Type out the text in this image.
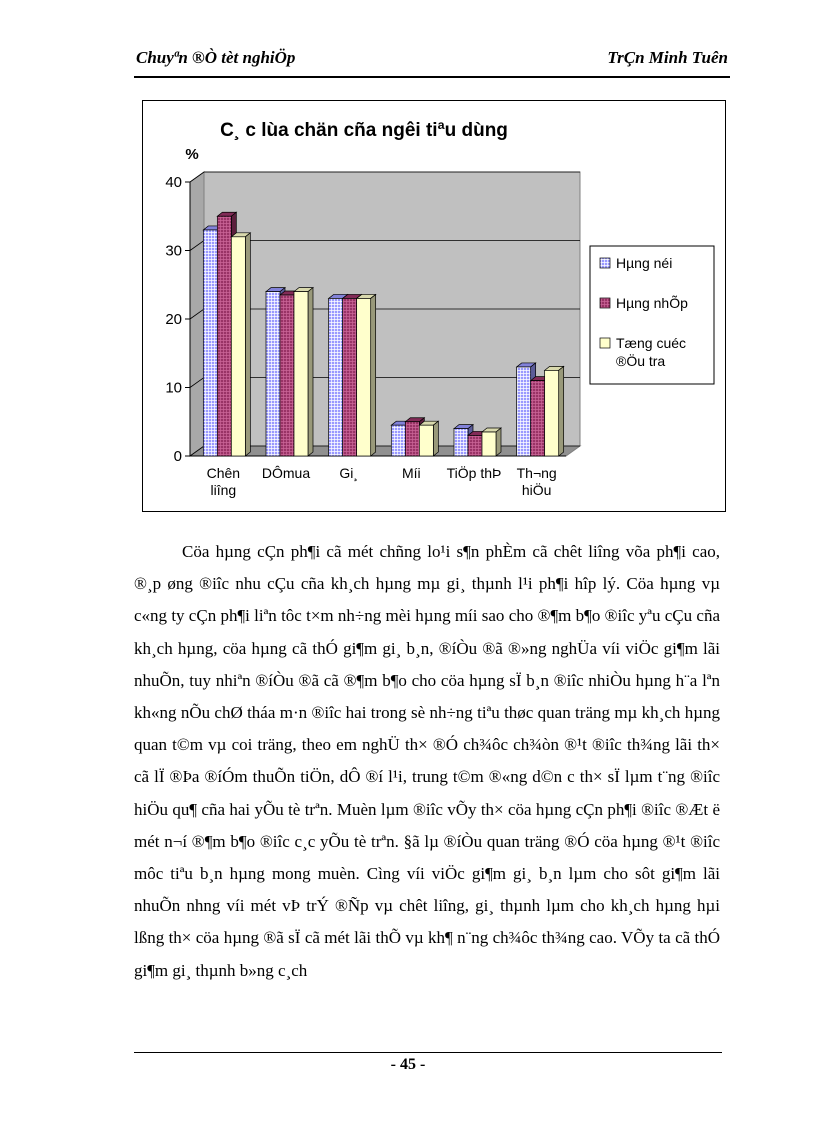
Chuyªn ®Ò tèt nghiÖp	TrÇn Minh Tuên
0
10
20
30
40
C¸ c lùa chän cña ngêi tiªu dùng
%
Chên
liîng
DÔmua Gi¸	Míi TiÖp thÞ Th¬ng
hiÖu
Hµng néi
Hµng nhÕp
Tæng cuéc ®Öu tra

Cöa hµng cÇn ph¶i cã mét chñng lo¹i s¶n phÈm cã chêt liîng võa ph¶i cao, ®¸p øng ®iîc nhu cÇu cña kh¸ch hµng mµ gi¸ thµnh l¹i ph¶i hîp lý. Cöa hµng vµ c«ng ty cÇn ph¶i liªn tôc t×m nh÷ng mèi hµng míi sao cho ®¶m b¶o ®iîc yªu cÇu cña kh¸ch hµng, cöa hµng cã thÓ gi¶m gi¸ b¸n, ®íÒu ®ã ®»ng nghÜa víi viÖc gi¶m lãi nhuÕn, tuy nhiªn ®íÒu ®ã cã ®¶m b¶o cho cöa hµng sÏ b¸n ®iîc nhiÒu hµng h¨a lªn kh«ng nÕu chØ tháa m·n ®iîc hai trong sè nh÷ng tiªu thøc quan träng mµ kh¸ch hµng quan t©m vµ coi träng, theo em nghÜ th× ®Ó ch¾ôc ch¾òn ®¹t ®iîc th¾ng lãi th× cã lÏ ®Þa ®íÓm thuÕn tiÖn, dÔ ®í l¹i, trung t©m ®«ng d©n c th× sÏ lµm t¨ng ®iîc hiÖu qu¶ cña hai yÕu tè trªn. Muèn lµm ®iîc vÕy th× cöa hµng cÇn ph¶i ®iîc ®Æt ë mét n¬í ®¶m b¶o ®iîc c¸c yÕu tè trªn. §ã lµ ®íÒu quan träng ®Ó cöa hµng ®¹t ®iîc môc tiªu b¸n hµng mong muèn. Cìng víi viÖc gi¶m gi¸ b¸n lµm cho sôt gi¶m lãi nhuÕn nhng víi mét vÞ trÝ ®Ñp vµ chêt liîng, gi¸ thµnh lµm cho kh¸ch hµng hµi lßng th× cöa hµng ®ã sÏ cã mét lãi thÕ vµ kh¶ n¨ng ch¾ôc th¾ng cao. VÕy ta cã thÓ gi¶m gi¸ thµnh b»ng c¸ch

- 45 -
